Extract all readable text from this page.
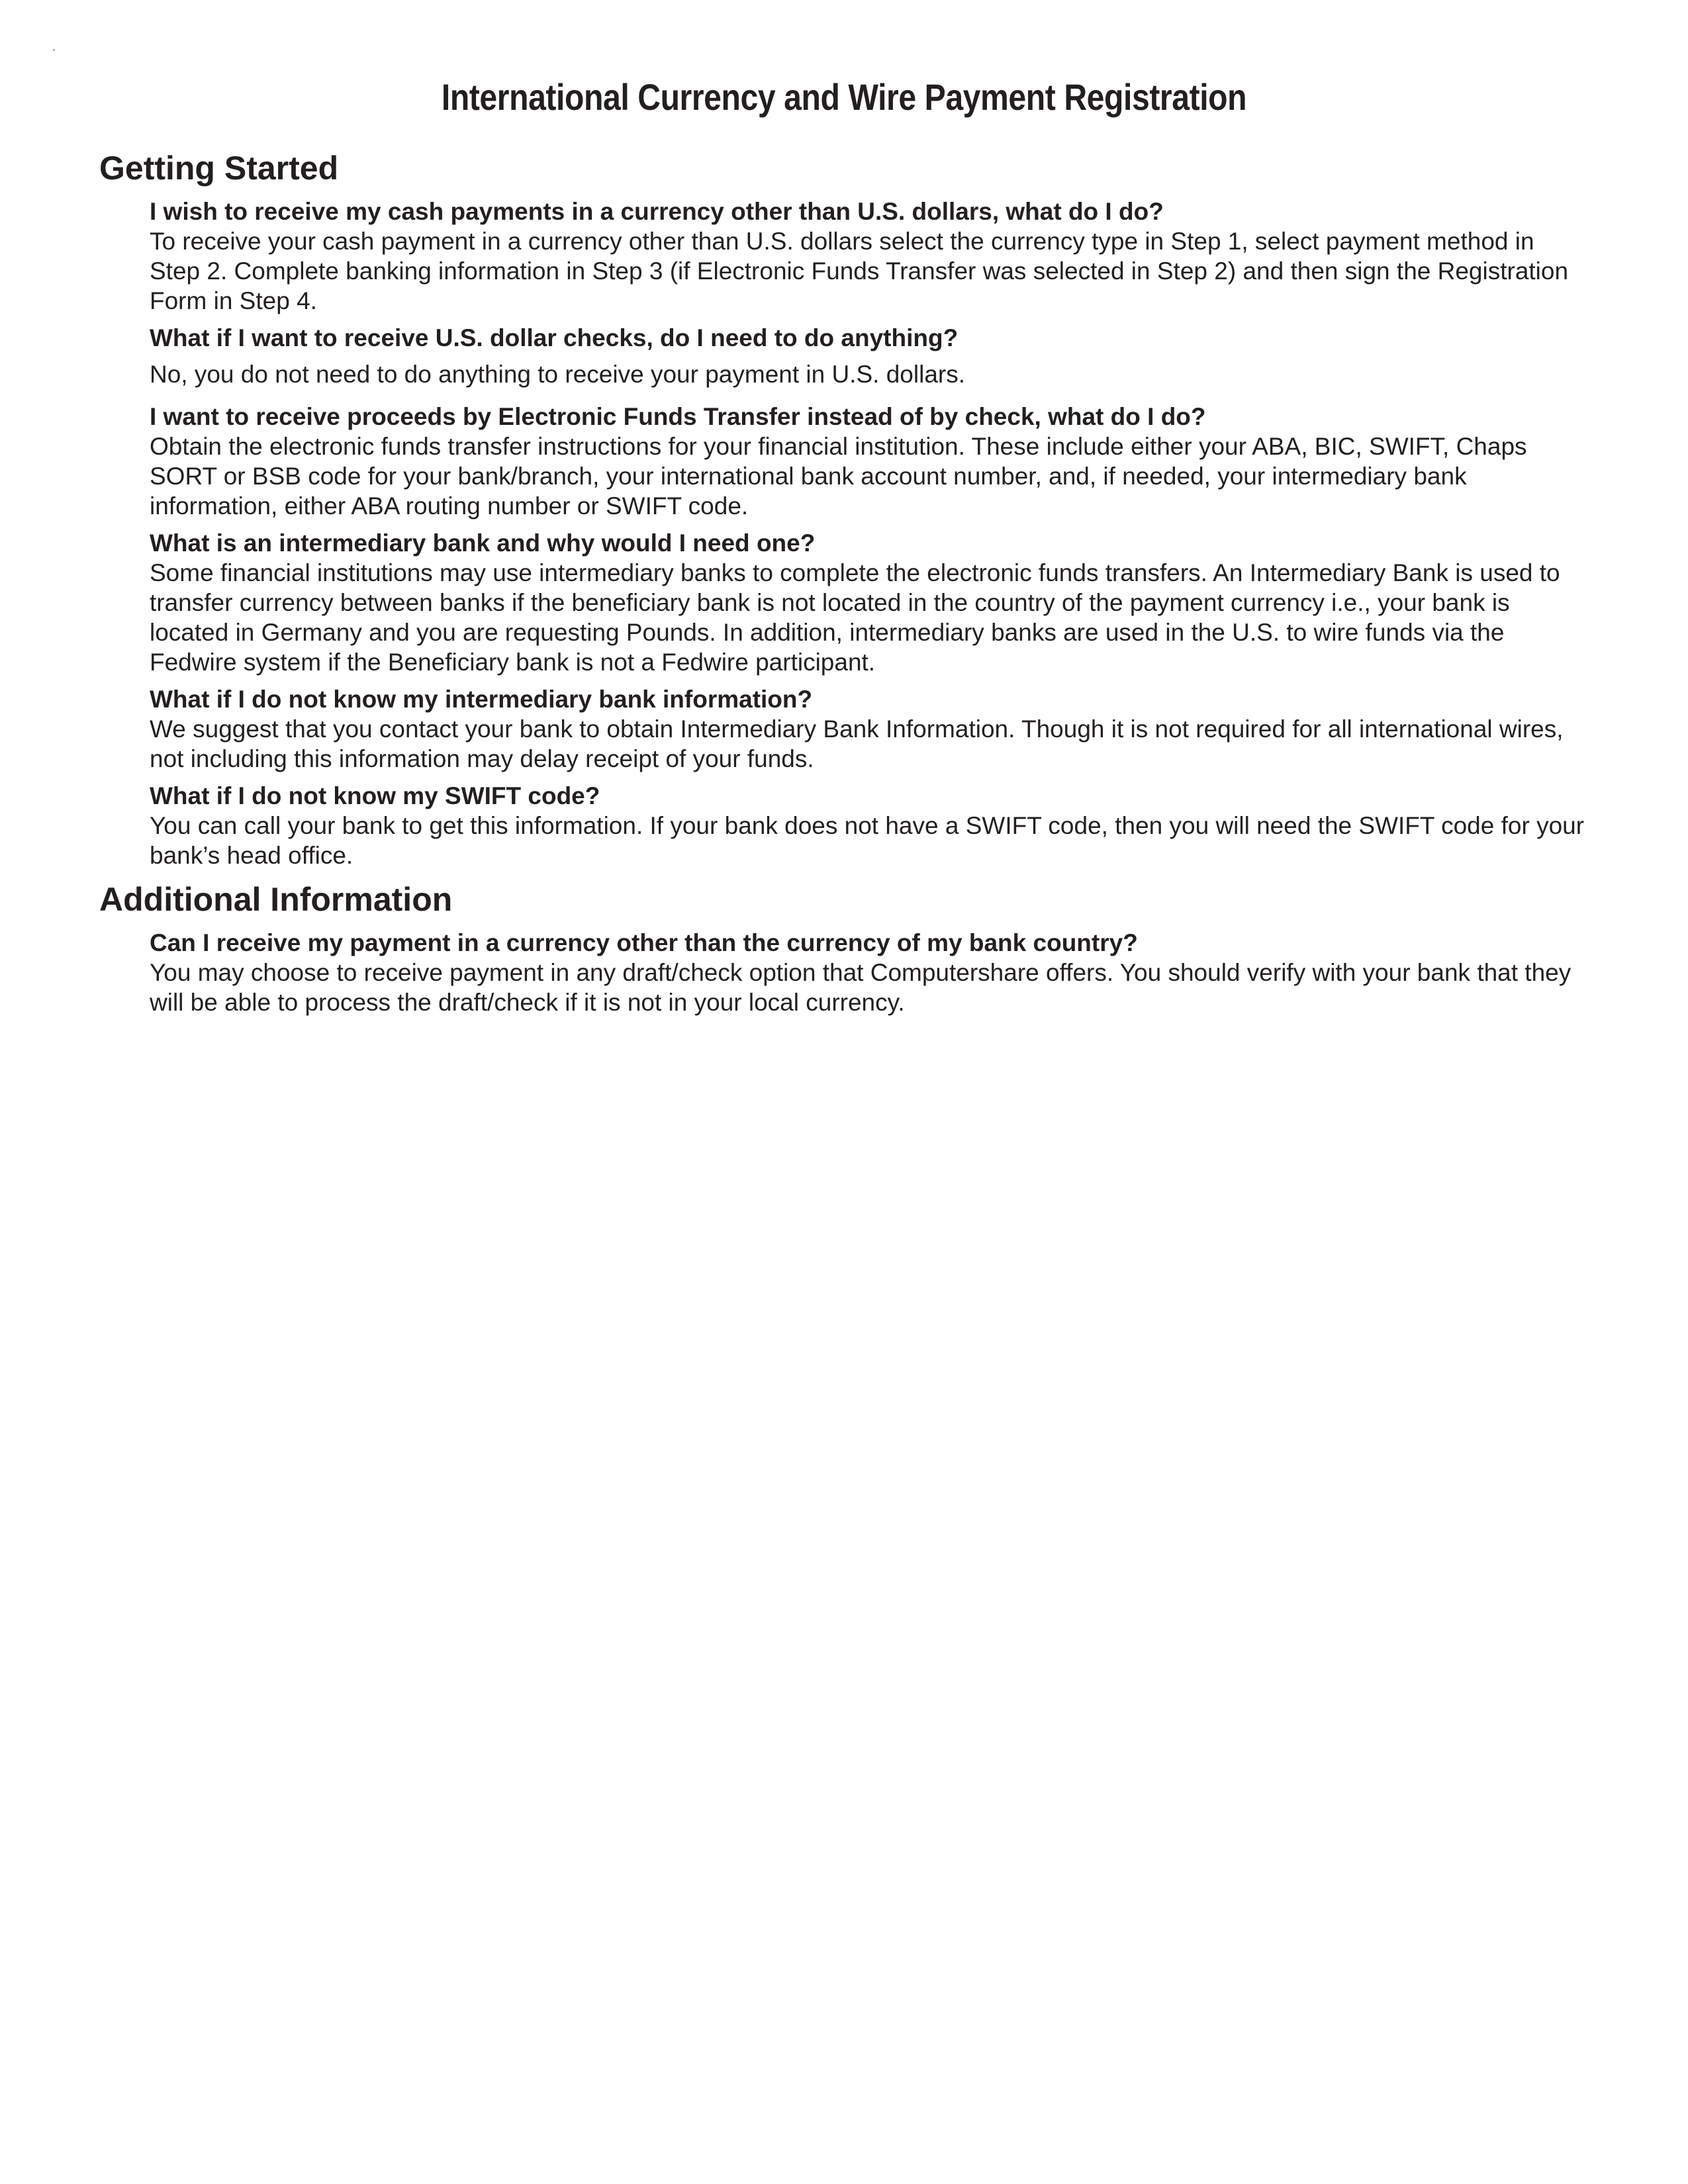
International Currency and Wire Payment Registration
Getting Started

I wish to receive my cash payments in a currency other than U.S. dollars, what do I do?

To receive your cash payment in a currency other than U.S. dollars select the currency type in Step 1, select payment method in Step 2. Complete banking information in Step 3 (if Electronic Funds Transfer was selected in Step 2) and then sign the Registration Form in Step 4.

What if I want to receive U.S. dollar checks, do I need to do anything?

No, you do not need to do anything to receive your payment in U.S. dollars.

I want to receive proceeds by Electronic Funds Transfer instead of by check, what do I do?

Obtain the electronic funds transfer instructions for your financial institution. These include either your ABA, BIC, SWIFT, Chaps SORT or BSB code for your bank/branch, your international bank account number, and, if needed, your intermediary bank information, either ABA routing number or SWIFT code.

What is an intermediary bank and why would I need one?

Some financial institutions may use intermediary banks to complete the electronic funds transfers. An Intermediary Bank is used to transfer currency between banks if the beneficiary bank is not located in the country of the payment currency i.e., your bank is located in Germany and you are requesting Pounds. In addition, intermediary banks are used in the U.S. to wire funds via the Fedwire system if the Beneficiary bank is not a Fedwire participant.

What if I do not know my intermediary bank information?

We suggest that you contact your bank to obtain Intermediary Bank Information. Though it is not required for all international wires, not including this information may delay receipt of your funds.

What if I do not know my SWIFT code?

You can call your bank to get this information. If your bank does not have a SWIFT code, then you will need the SWIFT code for your bank’s head office.

Additional Information

Can I receive my payment in a currency other than the currency of my bank country?

You may choose to receive payment in any draft/check option that Computershare offers. You should verify with your bank that they will be able to process the draft/check if it is not in your local currency.
